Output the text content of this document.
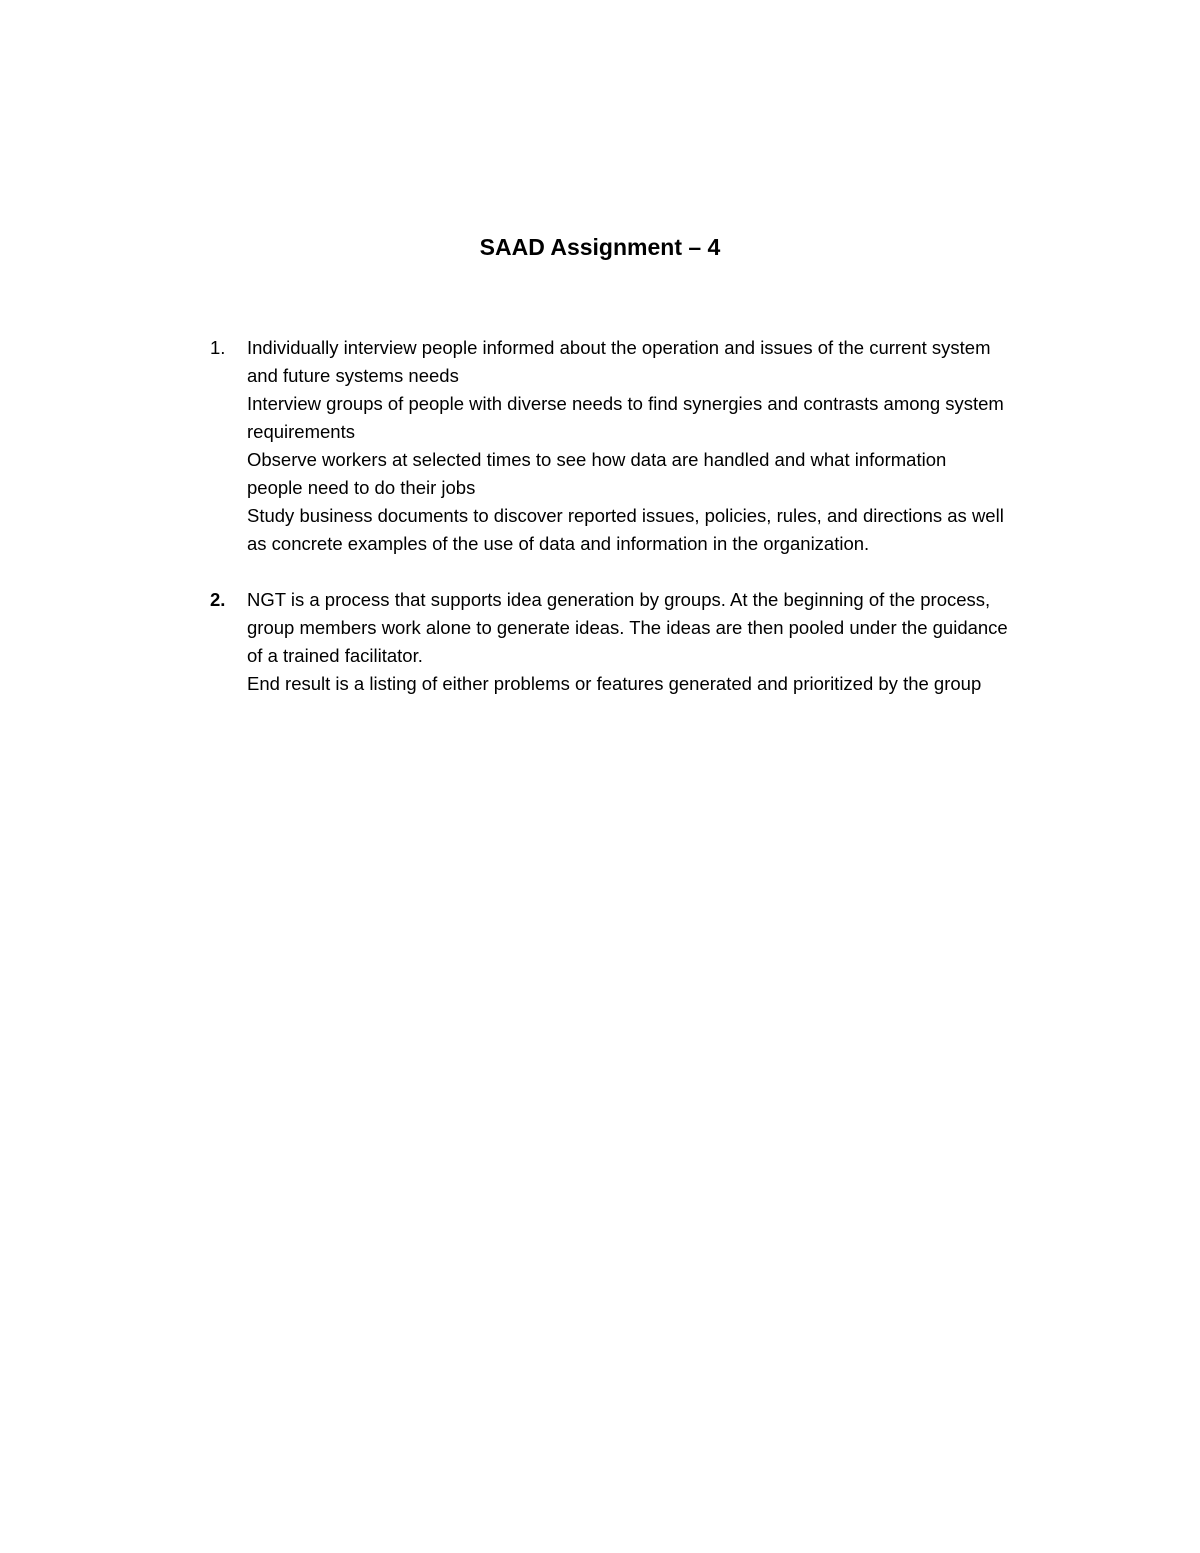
SAAD Assignment – 4
1.	Individually interview people informed about the operation and issues of the current system
and future systems needs
Interview groups of people with diverse needs to find synergies and contrasts among system
requirements
Observe workers at selected times to see how data are handled and what information
people need to do their jobs
Study business documents to discover reported issues, policies, rules, and directions as well
as concrete examples of the use of data and information in the organization.
2.	NGT is a process that supports idea generation by groups. At the beginning of the process,
group members work alone to generate ideas. The ideas are then pooled under the guidance
of a trained facilitator.
End result is a listing of either problems or features generated and prioritized by the group
